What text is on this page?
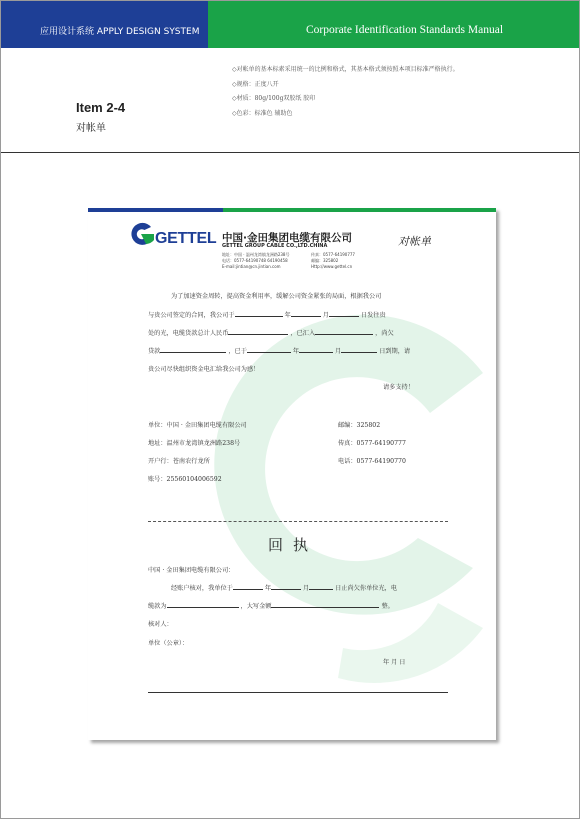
应用设计系统 APPLY DESIGN SYSTEM	Corporate Identification Standards Manual
Item 2-4
对帐单
◇对帐单的基本标素采用统一的比例和格式，其基本格式须按照本项目标准严格执行。
◇规格：正度八开
◇材质：80g/100g双胶纸 胶印
◇色彩：标准色 辅助色
GETTEL 中国·金田集团电缆有限公司
GETTEL GROUP CABLE CO.,LTD.CHINA
地址：中国 · 温州龙湾镇龙洲路238号
电话：0577-64190748 64190458
E-mail:jintian@cn.jintian.com
传真：0577-64190777
邮编：325802
Http://www.gettel.cn
对帐单
为了加速资金周转，提高资金利用率，缓解公司资金紧张的局面，根据我公司
与贵公司签定的合同，我公司于	年	月	日发往贵
处的光，电缆货款总计人民币	，已汇入	，尚欠
贷款	，已于	年	月	日到期，请
贵公司尽快组织资金电汇给我公司为感！
请多支持！
单位：中国 · 金田集团电缆有限公司	邮编：325802
地址：温州市龙湾镇龙洲路238号	传真：0577-64190777
开户行：苍南农行龙所	电话：0577-64190770
账号：25560104006592
回执
中国 · 金田集团电缆有限公司：
经账户核对，我单位于	年	月	日止尚欠你单位光，电
缆款为	，大写金额	整。
核对人：
单位（公章）：
年 月 日
